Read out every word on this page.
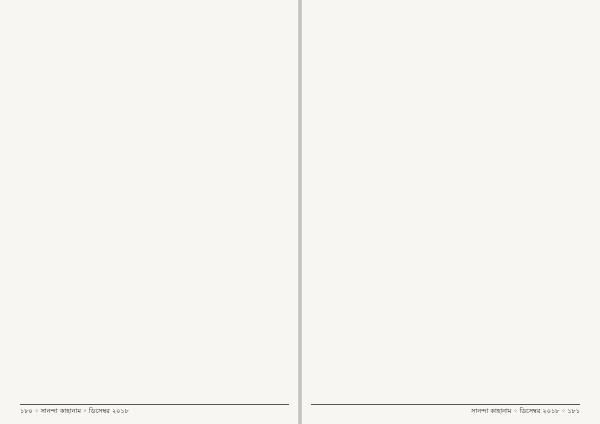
১৮০ ◦ সানন্দা কাহানাম ◦ ডিসেম্বর ২০১৮	সানন্দা কাহানাম ◦ ডিসেম্বর ২০১৮ ◦ ১৮১
